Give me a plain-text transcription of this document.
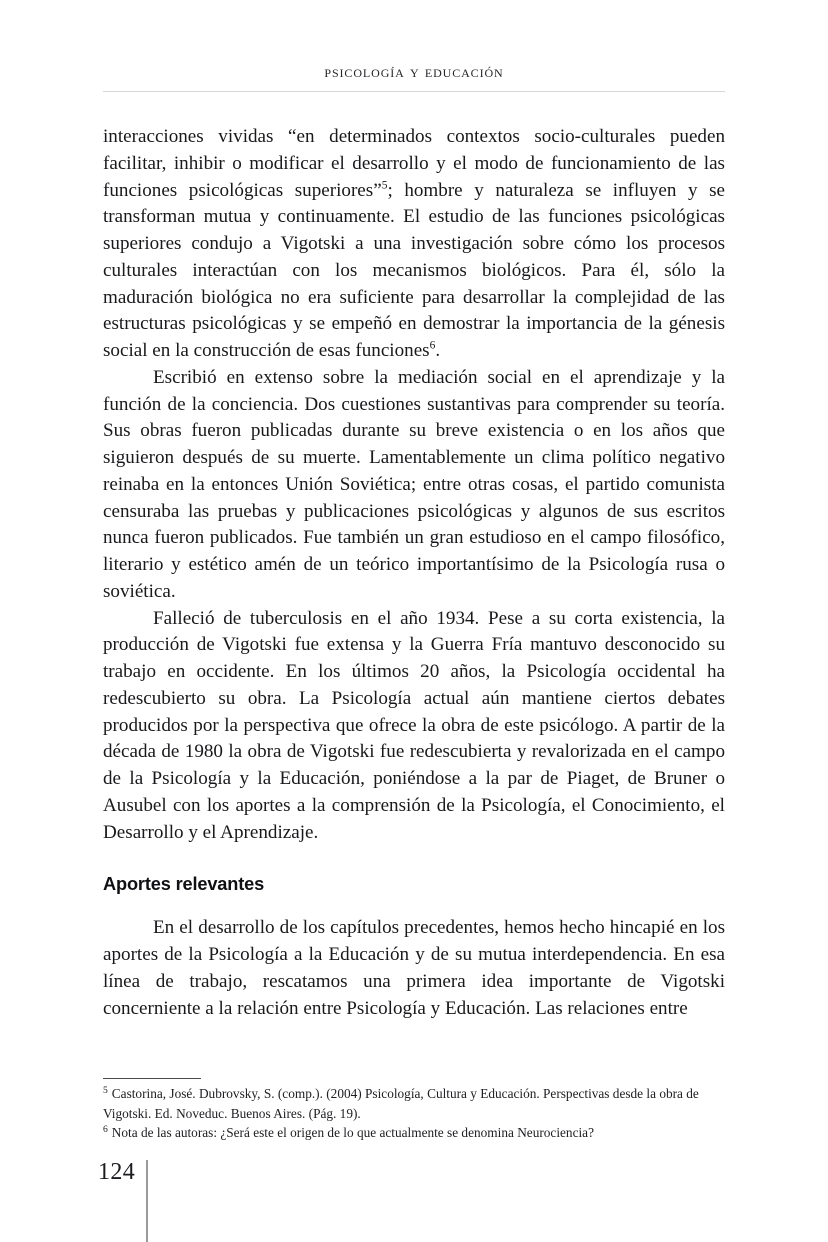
psicología y educación

interacciones vividas “en determinados contextos socio-culturales pueden facilitar, inhibir o modificar el desarrollo y el modo de funcionamiento de las funciones psicológicas superiores”$^5$; hombre y naturaleza se influyen y se transforman mutua y continuamente. El estudio de las funciones psicológicas superiores condujo a Vigotski a una investigación sobre cómo los procesos culturales interactúan con los mecanismos biológicos. Para él, sólo la maduración biológica no era suficiente para desarrollar la complejidad de las estructuras psicológicas y se empeñó en demostrar la importancia de la génesis social en la construcción de esas funciones$^6$.

Escribió en extenso sobre la mediación social en el aprendizaje y la función de la conciencia. Dos cuestiones sustantivas para comprender su teoría. Sus obras fueron publicadas durante su breve existencia o en los años que siguieron después de su muerte. Lamentablemente un clima político negativo reinaba en la entonces Unión Soviética; entre otras cosas, el partido comunista censuraba las pruebas y publicaciones psicológicas y algunos de sus escritos nunca fueron publicados. Fue también un gran estudioso en el campo filosófico, literario y estético amén de un teórico importantísimo de la Psicología rusa o soviética.

Falleció de tuberculosis en el año 1934. Pese a su corta existencia, la producción de Vigotski fue extensa y la Guerra Fría mantuvo desconocido su trabajo en occidente. En los últimos 20 años, la Psicología occidental ha redescubierto su obra. La Psicología actual aún mantiene ciertos debates producidos por la perspectiva que ofrece la obra de este psicólogo. A partir de la década de 1980 la obra de Vigotski fue redescubierta y revalorizada en el campo de la Psicología y la Educación, poniéndose a la par de Piaget, de Bruner o Ausubel con los aportes a la comprensión de la Psicología, el Conocimiento, el Desarrollo y el Aprendizaje.

Aportes relevantes

En el desarrollo de los capítulos precedentes, hemos hecho hincapié en los aportes de la Psicología a la Educación y de su mutua interdependencia. En esa línea de trabajo, rescatamos una primera idea importante de Vigotski concerniente a la relación entre Psicología y Educación. Las relaciones entre

$^5$ Castorina, José. Dubrovsky, S. (comp.). (2004) Psicología, Cultura y Educación. Perspectivas desde la obra de Vigotski. Ed. Noveduc. Buenos Aires. (Pág. 19).

$^6$ Nota de las autoras: ¿Será este el origen de lo que actualmente se denomina Neurociencia?

124
